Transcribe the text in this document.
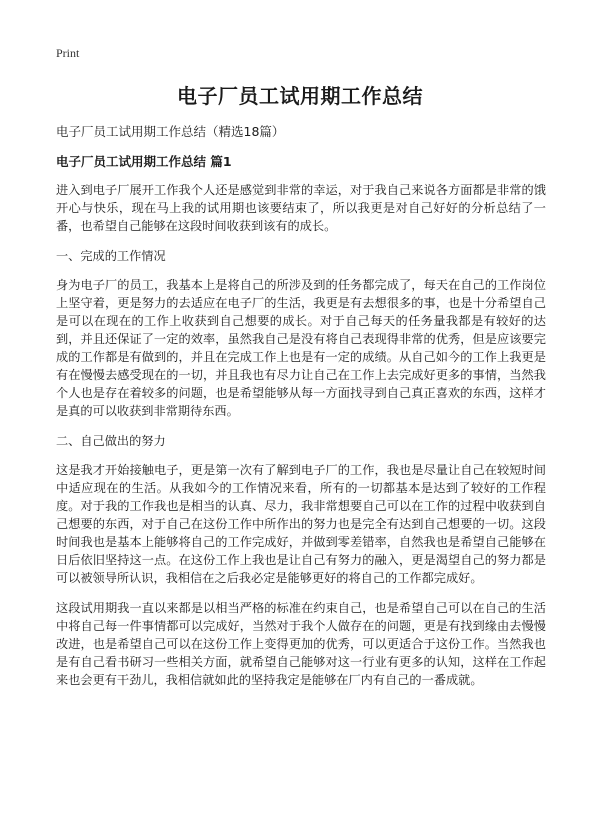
Print
电子厂员工试用期工作总结

电子厂员工试用期工作总结（精选18篇）

电子厂员工试用期工作总结 篇1

进入到电子厂展开工作我个人还是感觉到非常的幸运，对于我自己来说各方面都是非常的饿开心与快乐，现在马上我的试用期也该要结束了，所以我更是对自己好好的分析总结了一番，也希望自己能够在这段时间收获到该有的成长。

一、完成的工作情况

身为电子厂的员工，我基本上是将自己的所涉及到的任务都完成了，每天在自己的工作岗位上坚守着，更是努力的去适应在电子厂的生活，我更是有去想很多的事，也是十分希望自己是可以在现在的工作上收获到自己想要的成长。对于自己每天的任务量我都是有较好的达到，并且还保证了一定的效率，虽然我自己是没有将自己表现得非常的优秀，但是应该要完成的工作都是有做到的，并且在完成工作上也是有一定的成绩。从自己如今的工作上我更是有在慢慢去感受现在的一切，并且我也有尽力让自己在工作上去完成好更多的事情，当然我个人也是存在着较多的问题，也是希望能够从每一方面找寻到自己真正喜欢的东西，这样才是真的可以收获到非常期待东西。

二、自己做出的努力

这是我才开始接触电子，更是第一次有了解到电子厂的工作，我也是尽量让自己在较短时间中适应现在的生活。从我如今的工作情况来看，所有的一切都基本是达到了较好的工作程度。对于我的工作我也是相当的认真、尽力，我非常想要自己可以在工作的过程中收获到自己想要的东西，对于自己在这份工作中所作出的努力也是完全有达到自己想要的一切。这段时间我也是基本上能够将自己的工作完成好，并做到零差错率，自然我也是希望自己能够在日后依旧坚持这一点。在这份工作上我也是让自己有努力的融入，更是渴望自己的努力都是可以被领导所认识，我相信在之后我必定是能够更好的将自己的工作都完成好。

这段试用期我一直以来都是以相当严格的标准在约束自己，也是希望自己可以在自己的生活中将自己每一件事情都可以完成好，当然对于我个人做存在的问题，更是有找到缘由去慢慢改进，也是希望自己可以在这份工作上变得更加的优秀，可以更适合于这份工作。当然我也是有自己看书研习一些相关方面，就希望自己能够对这一行业有更多的认知，这样在工作起来也会更有干劲儿，我相信就如此的坚持我定是能够在厂内有自己的一番成就。
